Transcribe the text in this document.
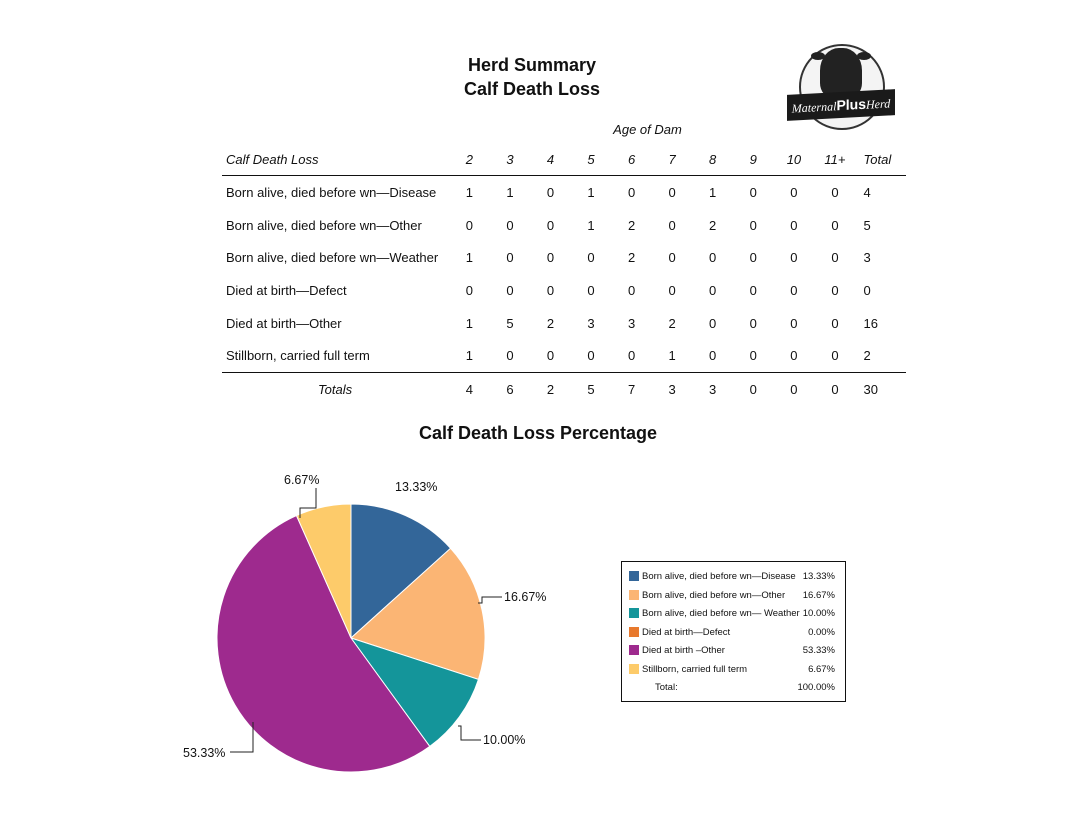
Herd Summary
Calf Death Loss
MaternalPlusHerd
Age of Dam
Calf Death Loss	2	3	4	5	6	7	8	9	10	11+	Total
Born alive, died before wn—Disease	1	1	0	1	0	0	1	0	0	0	4
Born alive, died before wn—Other	0	0	0	1	2	0	2	0	0	0	5
Born alive, died before wn—Weather	1	0	0	0	2	0	0	0	0	0	3
Died at birth—Defect	0	0	0	0	0	0	0	0	0	0	0
Died at birth—Other	1	5	2	3	3	2	0	0	0	0	16
Stillborn, carried full term	1	0	0	0	0	1	0	0	0	0	2
Totals	4	6	2	5	7	3	3	0	0	0	30
Calf Death Loss Percentage
13.33%
16.67%
10.00%
53.33%
6.67%
Born alive, died before wn—Disease 13.33%
Born alive, died before wn—Other 16.67%
Born alive, died before wn— Weather 10.00%
Died at birth—Defect	0.00%
Died at birth –Other	53.33%
Stillborn, carried full term	6.67%
Total:	100.00%
